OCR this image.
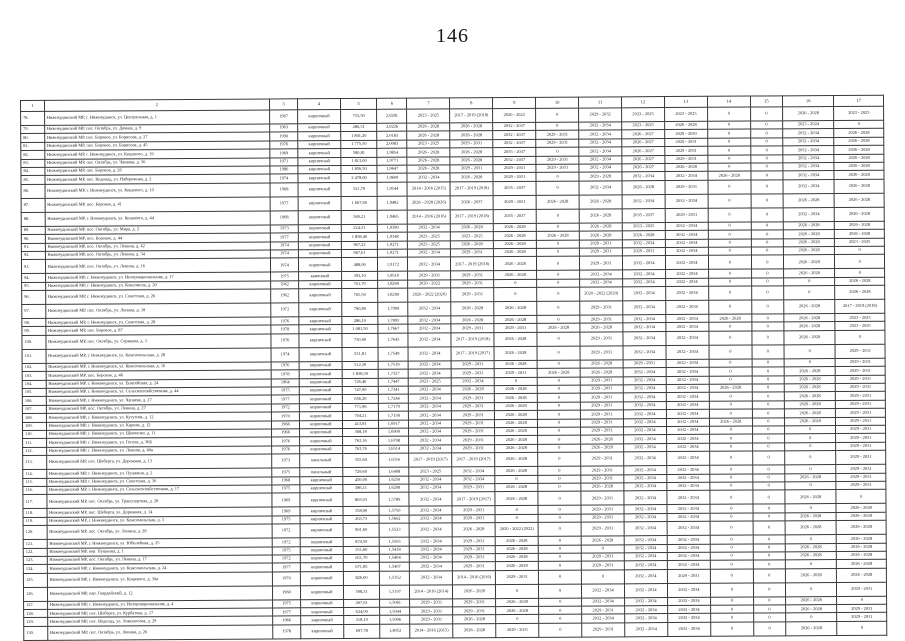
146
1	2	3	4	5	6	7	8	9	10	11	12	13	14	15	16	17
78.	Нижнеудинский МР, г. Нижнеудинск, ул. Центральная, д. 1	1967	кирпичный	753,50	2,0281	2023 - 2025	2017 - 2019 (2018)	2020 - 2022	0	2029 - 2032	2023 - 2025	2023 - 2025	0	0	2026 - 2028	2023 - 2025
79.	Нижнеудинский МР, пос. Октябрь, ул. Дачная, д. 9	1963	кирпичный	286,31	2,0226	2026 - 2028	2026 - 2028	2032 - 2037	0	2032 - 2034	2023 - 2025	2026 - 2028	0	0	2023 - 2024	0
80.	Нижнеудинский МР, пос. Боровое, ул. Борисова, д. 27	1990	кирпичный	1 801,20	2,0183	2026 - 2028	2026 - 2028	2032 - 2037	2029 - 2031	2032 - 2034	2026 - 2027	2029 - 2030	0	0	2032 - 2034	2026 - 2028
81.	Нижнеудинский МР, пос. Боровое, ул. Борисова, д. 45	1976	кирпичный	1 775,50	2,0083	2023 - 2025	2029 - 2031	2032 - 2037	2029 - 2031	2032 - 2034	2026 - 2027	2029 - 2031	0	0	2032 - 2034	2026 - 2028
82.	Нижнеудинский МР, г. Нижнеудинск, ул. Кошевого, д. 19	1969	кирпичный	580,81	1,9854	2026 - 2028	2026 - 2028	2035 - 2037	0	2032 - 2034	2026 - 2027	2029 - 2031	0	0	2032 - 2034	2026 - 2028
83.	Нижнеудинский МР, пос. Октябрь, ул. Чапаева, д. 30	1971	кирпичный	1 813,00	1,9771	2026 - 2028	2026 - 2028	2032 - 2037	2029 - 2031	2032 - 2034	2026 - 2027	2029 - 2031	0	0	2032 - 2034	2026 - 2028
84.	Нижнеудинский МР, пос. Боровое, д. 26	1986	кирпичный	1 856,50	1,9647	2026 - 2028	2029 - 2031	2029 - 2031	2029 - 2031	2032 - 2034	2026 - 2027	2026 - 2028	0	0	2032 - 2034	2026 - 2028
85.	Нижнеудинский МР, пос. Водопад, ул. Набережная, д. 2	1974	кирпичный	2 478,60	1,9609	2032 - 2034	2026 - 2028	2029 - 2031	0	2029 - 2028	2032 - 2034	2032 - 2034	2026 - 2028	0	2032 - 2034	2026 - 2028
86.	Нижнеудинский МР, г. Нижнеудинск, ул. Кошевого, д. 10	1968	кирпичный	521,70	1,9544	2014 - 2016 (2015)	2017 - 2019 (2018)	2035 - 2037	0	2032 - 2034	2026 - 2028	2029 - 2031	0	0	2032 - 2034	2026 - 2028
87.	Нижнеудинский МР, пос. Боровое, д. 41	1977	кирпичный	1 667,60	1,9482	2026 - 2028 (2026)	2026 - 2037	2029 - 2031	2026 - 2028	2026 - 2028	2032 - 2034	2032 - 2034	0	0	2026 - 2028	2026 - 2028
88.	Нижнеудинский МР, г. Нижнеудинск, ул. Кошевого, д. 44	1968	кирпичный	569,21	1,9465	2014 - 2016 (2016)	2017 - 2019 (2018)	2035 - 2037	0	2026 - 2028	2035 - 2037	2029 - 2031	0	0	2032 - 2034	2026 - 2028
89.	Нижнеудинский МР, пос. Октябрь, ул. Мира, д. 2	1973	кирпичный	224,31	1,9390	2032 - 2034	2026 - 2028	2026 - 2028	0	2026 - 2028	2023 - 2025	2032 - 2034	0	0	2026 - 2028	2026 - 2028
90.	Нижнеудинский МР, пос. Боровое, д. 44	1977	кирпичный	1 858,40	1,9348	2023 - 2025	2023 - 2025	2026 - 2028	2026 - 2028	2026 - 2028	2026 - 2028	2032 - 2034	0	0	2026 - 2028	2026 - 2028
91.	Нижнеудинский МР, пос. Октябрь, ул. Ленина, д. 42	1974	кирпичный	967,22	1,9271	2023 - 2025	2026 - 2028	2026 - 2028	0	2029 - 2031	2032 - 2034	2032 - 2034	0	0	2026 - 2028	2023 - 2025
92.	Нижнеудинский МР, пос. Октябрь, ул. Ленина, д. 34	1974	кирпичный	967,61	1,9271	2032 - 2034	2029 - 2031	2026 - 2028	0	2029 - 2031	2029 - 2031	2032 - 2034	0	0	2026 - 2028	0
93.	Нижнеудинский МР, пос. Октябрь, ул. Ленина, д. 16	1974	кирпичный	488,06	1,9172	2032 - 2034	2017 - 2019 (2018)	2026 - 2028	0	2029 - 2031	2032 - 2034	2032 - 2034	0	0	2026 - 2028	0
94.	Нижнеудинский МР, г. Нижнеудинск, ул. Интернациональная, д. 17	1975	каменный	393,10	1,8510	2029 - 2031	2029 - 2031	2026 - 2028	0	2032 - 2034	2032 - 2034	2032 - 2034	0	0	2026 - 2028	0
95.	Нижнеудинский МР, г. Нижнеудинск, ул. Комсомола, д. 20	1962	кирпичный	701,70	1,8260	2020 - 2022	2029 - 2031	0	0	2032 - 2034	2032 - 2034	2032 - 2034	0	0	0	2026 - 2028
96.	Нижнеудинский МР, г. Нижнеудинск, ул. Советская, д. 26	1962	кирпичный	765,50	1,8200	2020 - 2022 (2020)	2029 - 2031	0	0	2020 - 2022 (2020)	2032 - 2034	2032 - 2034	0	0	0	2026 - 2028
97.	Нижнеудинский МР, пос. Октябрь, ул. Ленина, д. 18	1972	кирпичный	790,80	1,7999	2032 - 2034	2026 - 2028	2026 - 2028	0	2029 - 2031	2032 - 2034	2032 - 2034	0	0	2026 - 2028	2017 - 2019 (2018)
98.	Нижнеудинский МР, г. Нижнеудинск, ул. Советская, д. 28	1976	кирпичный	286,10	1,7893	2032 - 2034	2026 - 2028	2026 - 2028	0	2029 - 2031	2032 - 2034	2032 - 2034	2026 - 2028	0	2026 - 2028	2023 - 2025
99.	Нижнеудинский МР, пос. Боровое, д. 87	1978	кирпичный	1 081,50	1,7667	2032 - 2034	2029 - 2031	2029 - 2031	2026 - 2028	2026 - 2028	2032 - 2034	2032 - 2034	0	0	2026 - 2028	2023 - 2025
100.	Нижнеудинский МР, пос. Октябрь, ул. Серикова, д. 3	1976	кирпичный	730,00	1,7643	2032 - 2034	2017 - 2019 (2018)	2026 - 2028	0	2029 - 2031	2032 - 2034	2032 - 2034	0	0	2026 - 2028	0
101.	Нижнеудинский МР, г. Нижнеудинск, ул. Комсомольская, д. 28	1974	кирпичный	531,81	1,7549	2032 - 2034	2017 - 2019 (2017)	2026 - 2028	0	2029 - 2031	2032 - 2034	2032 - 2034	0	0	0	2029 - 2031
102.	Нижнеудинский МР, г. Нижнеудинск, ул. Комсомольская, д. 16	1976	кирпичный	512,30	1,7539	2032 - 2034	2029 - 2031	2026 - 2028	0	2026 - 2028	2029 - 2031	2032 - 2034	0	0	0	2029 - 2031
103.	Нижнеудинский МР, пос. Боровое, д. 46	1978	кирпичный	1 838,30	1,7327	2032 - 2034	2029 - 2031	2029 - 2031	2026 - 2028	2026 - 2028	2032 - 2034	2032 - 2034	0	0	2026 - 2028	2029 - 2031
104.	Нижнеудинский МР, г. Нижнеудинск, ул. Енисейская, д. 24	1964	кирпичный	726,40	1,7447	2023 - 2025	2032 - 2034	0	0	2029 - 2031	2032 - 2034	2032 - 2034	0	0	2026 - 2028	2029 - 2031
105.	Нижнеудинский МР, г. Нижнеудинск, ул. Сельскохозяйственная, д. 44	1975	кирпичный	747,00	1,7341	2032 - 2034	2026 - 2028	2026 - 2028	0	2029 - 2031	2032 - 2034	2032 - 2034	2026 - 2028	0	2026 - 2028	2029 - 2031
106.	Нижнеудинский МР, г. Нижнеудинск, ул. Чапаева, д. 27	1977	кирпичный	656,20	1,7244	2032 - 2034	2029 - 2031	2026 - 2028	0	2029 - 2031	2032 - 2034	2032 - 2034	0	0	2026 - 2028	2029 - 2031
107.	Нижнеудинский МР, пос. Октябрь, ул. Ленина, д. 27	1972	кирпичный	771,96	1,7179	2032 - 2034	2029 - 2031	2026 - 2028	0	2029 - 2031	2032 - 2034	2032 - 2034	0	0	2026 - 2028	2029 - 2031
108.	Нижнеудинский МР, г. Нижнеудинск, ул. Кутузова, д. 12	1970	кирпичный	704,21	1,7158	2032 - 2034	2029 - 2031	2026 - 2028	0	2029 - 2031	2032 - 2034	2032 - 2034	0	0	2026 - 2028	2029 - 2031
109.	Нижнеудинский МР, г. Нижнеудинск, ул. Кирова, д. 12	1966	кирпичный	413,81	1,6917	2032 - 2034	2029 - 2031	2026 - 2028	0	2029 - 2031	2032 - 2034	2032 - 2034	2026 - 2028	0	2026 - 2028	2029 - 2031
110.	Нижнеудинский МР, г. Нижнеудинск, ул. Шевченко, д. 11	1966	кирпичный	368,18	1,6909	2032 - 2034	2029 - 2031	2026 - 2028	0	2029 - 2031	2032 - 2034	2032 - 2034	0	0	0	2029 - 2031
111.	Нижнеудинский МР, г. Нижнеудинск, ул. Гоголя, д. 36Б	1976	кирпичный	763,16	1,6708	2032 - 2034	2029 - 2031	2026 - 2028	0	2026 - 2028	2032 - 2034	2032 - 2034	0	0	0	2029 - 2031
112.	Нижнеудинский МР, г. Нижнеудинск, ул. Ленина, д. 40а	1976	кирпичный	763,76	1,6514	2032 - 2034	2029 - 2031	2026 - 2028	0	2026 - 2028	2032 - 2034	2032 - 2034	0	0	0	2029 - 2031
113.	Нижнеудинский МР, пос. Шеберта, ул. Дорожная, д. 13	1973	панельный	355,64	1,6316	2017 - 2019 (2017)	2017 - 2019 (2017)	2026 - 2028	0	2029 - 2031	2032 - 2034	2032 - 2034	0	0	0	2029 - 2031
114.	Нижнеудинский МР, г. Нижнеудинск, ул. Пушкина, д. 2	1975	панельный	729,60	1,6408	2023 - 2025	2032 - 2034	2026 - 2028	0	2029 - 2031	2032 - 2034	2032 - 2034	0	0	0	2029 - 2031
115.	Нижнеудинский МР, г. Нижнеудинск, ул. Советская, д. 30	1968	кирпичный	450,00	1,6250	2032 - 2034	2032 - 2034	0	0	2029 - 2031	2032 - 2034	2032 - 2034	0	0	2026 - 2028	2029 - 2031
116.	Нижнеудинский МР, г. Нижнеудинск, ул. Сельскохозяйственная, д. 17	1975	кирпичный	386,11	1,6208	2032 - 2034	2029 - 2031	2026 - 2028	0	2026 - 2028	2032 - 2034	2032 - 2034	0	0	0	2029 - 2031
117.	Нижнеудинский МР, пос. Октябрь, ул. Транспортная, д. 28	1969	кирпичный	803,03	1,5789	2032 - 2034	2017 - 2019 (2017)	2026 - 2028	0	2029 - 2031	2032 - 2034	2032 - 2034	0	0	2026 - 2028	0
118.	Нижнеудинский МР, пос. Шеберта, ул. Дорожная, д. 14	1969	кирпичный	358,00	1,5750	2032 - 2034	2029 - 2031	0	0	2029 - 2031	2032 - 2034	2032 - 2034	0	0	0	2026 - 2028
119.	Нижнеудинский МР, г. Нижнеудинск, ул. Комсомольская, д. 3	1975	кирпичный	263,73	1,5662	2032 - 2034	2029 - 2031	0	0	2029 - 2031	2032 - 2034	2032 - 2034	0	0	2026 - 2028	2026 - 2028
120.	Нижнеудинский МР, пос. Октябрь, ул. Ленина, д. 28	1972	кирпичный	901,60	1,5523	2032 - 2034	2026 - 2028	2020 - 2022 (2022)	0	2029 - 2031	2032 - 2034	2032 - 2034	0	0	2026 - 2028	2026 - 2028
121.	Нижнеудинский МР, г. Нижнеудинск, ул. Юбилейная, д. 25	1972	кирпичный	874,50	1,5503	2032 - 2034	2029 - 2031	2026 - 2028	0	2026 - 2028	2032 - 2034	2032 - 2034	0	0	0	2026 - 2028
122.	Нижнеудинский МР, пер. Пушкина, д. 1	1975	кирпичный	351,60	1,5418	2032 - 2034	2029 - 2031	2026 - 2028	0	0	2032 - 2034	2032 - 2034	0	0	2026 - 2028	2026 - 2028
123.	Нижнеудинский МР, пос. Октябрь, ул. Ленина, д. 17	1972	кирпичный	651,70	1,5404	2032 - 2034	2029 - 2031	2026 - 2028	0	2029 - 2031	2032 - 2034	2032 - 2034	0	0	2026 - 2028	2026 - 2028
124.	Нижнеудинский МР, г. Нижнеудинск, ул. Комсомольская, д. 24	1977	кирпичный	671,85	1,5407	2032 - 2034	2029 - 2031	2026 - 2028	0	2029 - 2031	2032 - 2034	2032 - 2034	0	0	0	2026 - 2028
125.	Нижнеудинский МР, г. Нижнеудинск, ул. Кошевого, д. 30а	1970	кирпичный	826,00	1,5352	2032 - 2034	2014 - 2016 (2016)	2029 - 2031	0	0	2032 - 2034	2029 - 2031	0	0	2026 - 2028	2026 - 2028
126.	Нижнеудинский МР, пер. Гвардейский, д. 12	1960	кирпичный	598,31	1,5197	2014 - 2016 (2014)	2026 - 2028	0	0	2032 - 2034	2032 - 2034	2032 - 2034	0	0	0	2029 - 2031
127.	Нижнеудинский МР, г. Нижнеудинск, ул. Интернациональная, д. 4	1975	кирпичный	267,61	1,5061	2029 - 2031	2029 - 2031	2026 - 2028	0	2032 - 2034	2032 - 2034	2032 - 2034	0	0	2026 - 2028	0
128.	Нижнеудинский МР, пос. Шеберта, ул. Курбатова, д. 17	1977	кирпичный	624,00	1,5044	2029 - 2031	2029 - 2031	2026 - 2028	0	2029 - 2031	2032 - 2034	2032 - 2034	0	0	2026 - 2028	2029 - 2031
129.	Нижнеудинский МР, пос. Водопад, ул. Ломоносова, д. 29	1966	кирпичный	318,10	1,5006	2029 - 2031	2026 - 2028	0	0	2032 - 2034	2032 - 2034	2032 - 2034	0	0	0	2029 - 2031
130.	Нижнеудинский МР, пос. Октябрь, ул. Ленина, д. 26	1978	кирпичный	697,78	1,4952	2014 - 2016 (2015)	2026 - 2028	2029 - 2031	0	2029 - 2031	2032 - 2034	2032 - 2034	0	0	2026 - 2028	0
